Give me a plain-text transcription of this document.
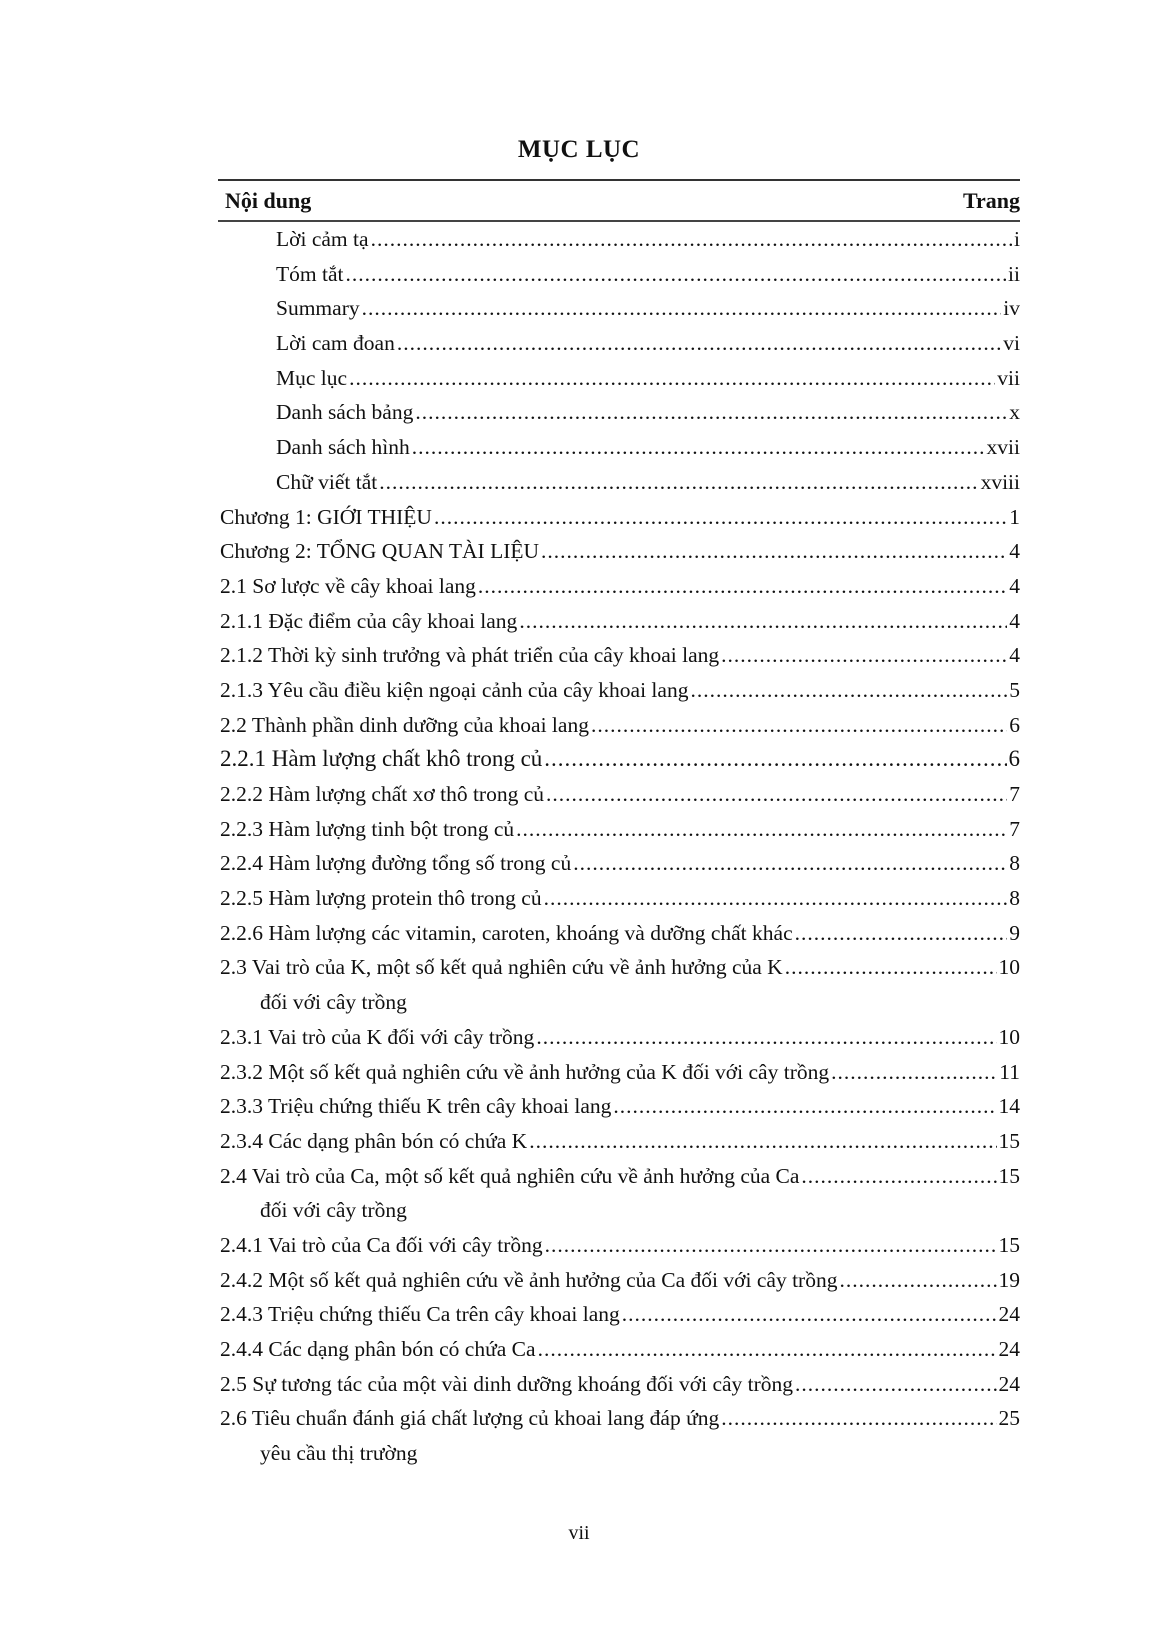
MỤC LỤC
Nội dung	Trang
Lời cảm tạ .....	i
Tóm tắt .....	ii
Summary .....	iv
Lời cam đoan .....	vi
Mục lục .....	vii
Danh sách bảng .....	x
Danh sách hình .....	xvii
Chữ viết tắt .....	xviii
Chương 1: GIỚI THIỆU .....	1
Chương 2: TỔNG QUAN TÀI LIỆU .....	4
2.1 Sơ lược về cây khoai lang .....	4
2.1.1 Đặc điểm của cây khoai lang .....	4
2.1.2 Thời kỳ sinh trưởng và phát triển của cây khoai lang .....	4
2.1.3 Yêu cầu điều kiện ngoại cảnh của cây khoai lang .....	5
2.2 Thành phần dinh dưỡng của khoai lang .....	6
2.2.1 Hàm lượng chất khô trong củ .....	6
2.2.2 Hàm lượng chất xơ thô trong củ .....	7
2.2.3 Hàm lượng tinh bột trong củ .....	7
2.2.4 Hàm lượng đường tổng số trong củ .....	8
2.2.5 Hàm lượng protein thô trong củ .....	8
2.2.6 Hàm lượng các vitamin, caroten, khoáng và dưỡng chất khác .....	9
2.3 Vai trò của K, một số kết quả nghiên cứu về ảnh hưởng của K .....	10
đối với cây trồng
2.3.1 Vai trò của K đối với cây trồng .....	10
2.3.2 Một số kết quả nghiên cứu về ảnh hưởng của K đối với cây trồng .....	11
2.3.3 Triệu chứng thiếu K trên cây khoai lang .....	14
2.3.4 Các dạng phân bón có chứa K .....	15
2.4 Vai trò của Ca, một số kết quả nghiên cứu về ảnh hưởng của Ca .....	15
đối với cây trồng
2.4.1 Vai trò của Ca đối với cây trồng .....	15
2.4.2 Một số kết quả nghiên cứu về ảnh hưởng của Ca đối với cây trồng .....	19
2.4.3 Triệu chứng thiếu Ca trên cây khoai lang .....	24
2.4.4 Các dạng phân bón có chứa Ca .....	24
2.5 Sự tương tác của một vài dinh dưỡng khoáng đối với cây trồng .....	24
2.6 Tiêu chuẩn đánh giá chất lượng củ khoai lang đáp ứng .....	25
yêu cầu thị trường
vii
